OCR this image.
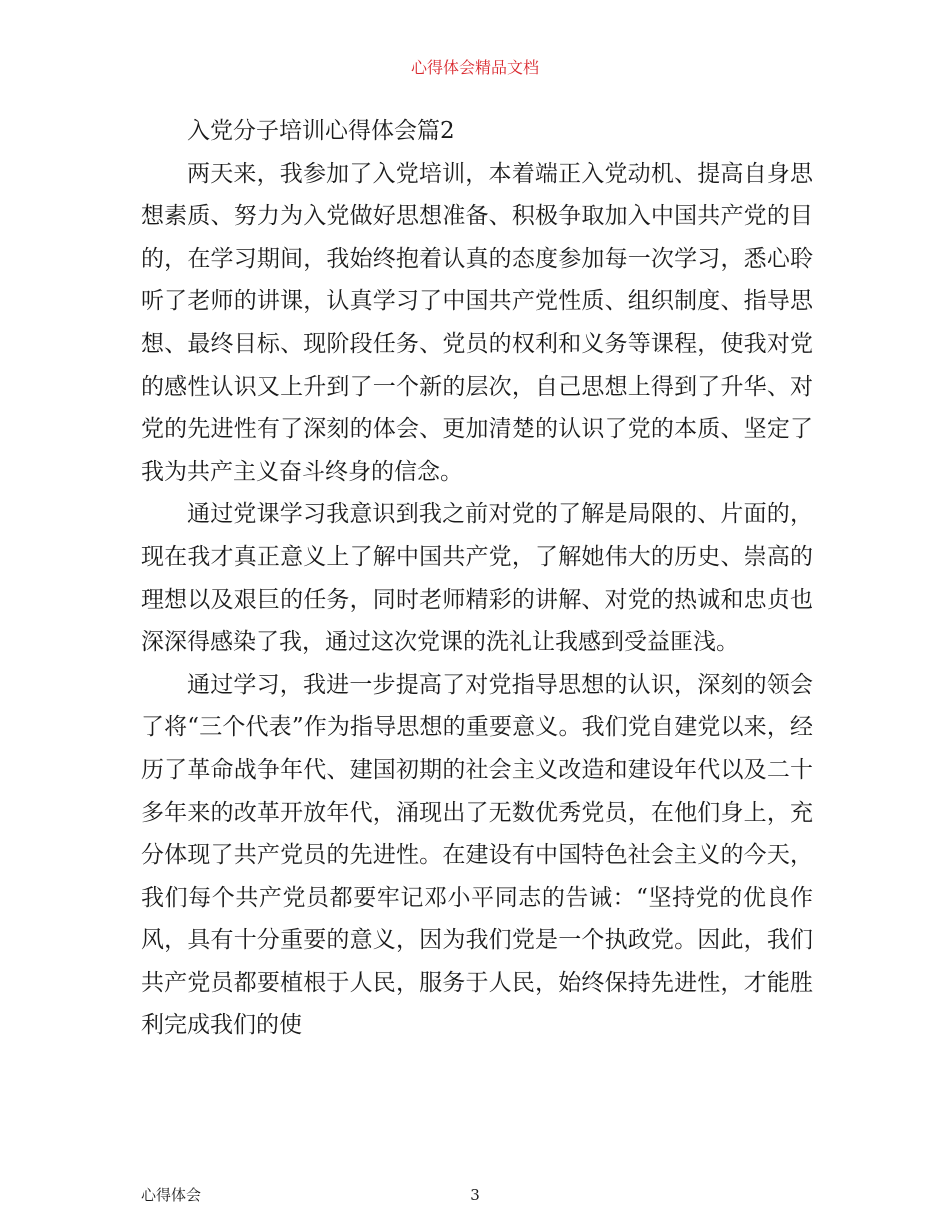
心得体会精品文档

入党分子培训心得体会篇2

两天来，我参加了入党培训，本着端正入党动机、提高自身思想素质、努力为入党做好思想准备、积极争取加入中国共产党的目的，在学习期间，我始终抱着认真的态度参加每一次学习，悉心聆听了老师的讲课，认真学习了中国共产党性质、组织制度、指导思想、最终目标、现阶段任务、党员的权利和义务等课程，使我对党的感性认识又上升到了一个新的层次，自己思想上得到了升华、对党的先进性有了深刻的体会、更加清楚的认识了党的本质、坚定了我为共产主义奋斗终身的信念。

通过党课学习我意识到我之前对党的了解是局限的、片面的，现在我才真正意义上了解中国共产党，了解她伟大的历史、崇高的理想以及艰巨的任务，同时老师精彩的讲解、对党的热诚和忠贞也深深得感染了我，通过这次党课的洗礼让我感到受益匪浅。

通过学习，我进一步提高了对党指导思想的认识，深刻的领会了将“三个代表”作为指导思想的重要意义。我们党自建党以来，经历了革命战争年代、建国初期的社会主义改造和建设年代以及二十多年来的改革开放年代，涌现出了无数优秀党员，在他们身上，充分体现了共产党员的先进性。在建设有中国特色社会主义的今天，我们每个共产党员都要牢记邓小平同志的告诫：“坚持党的优良作风，具有十分重要的意义，因为我们党是一个执政党。因此，我们共产党员都要植根于人民，服务于人民，始终保持先进性，才能胜利完成我们的使

心得体会	3
